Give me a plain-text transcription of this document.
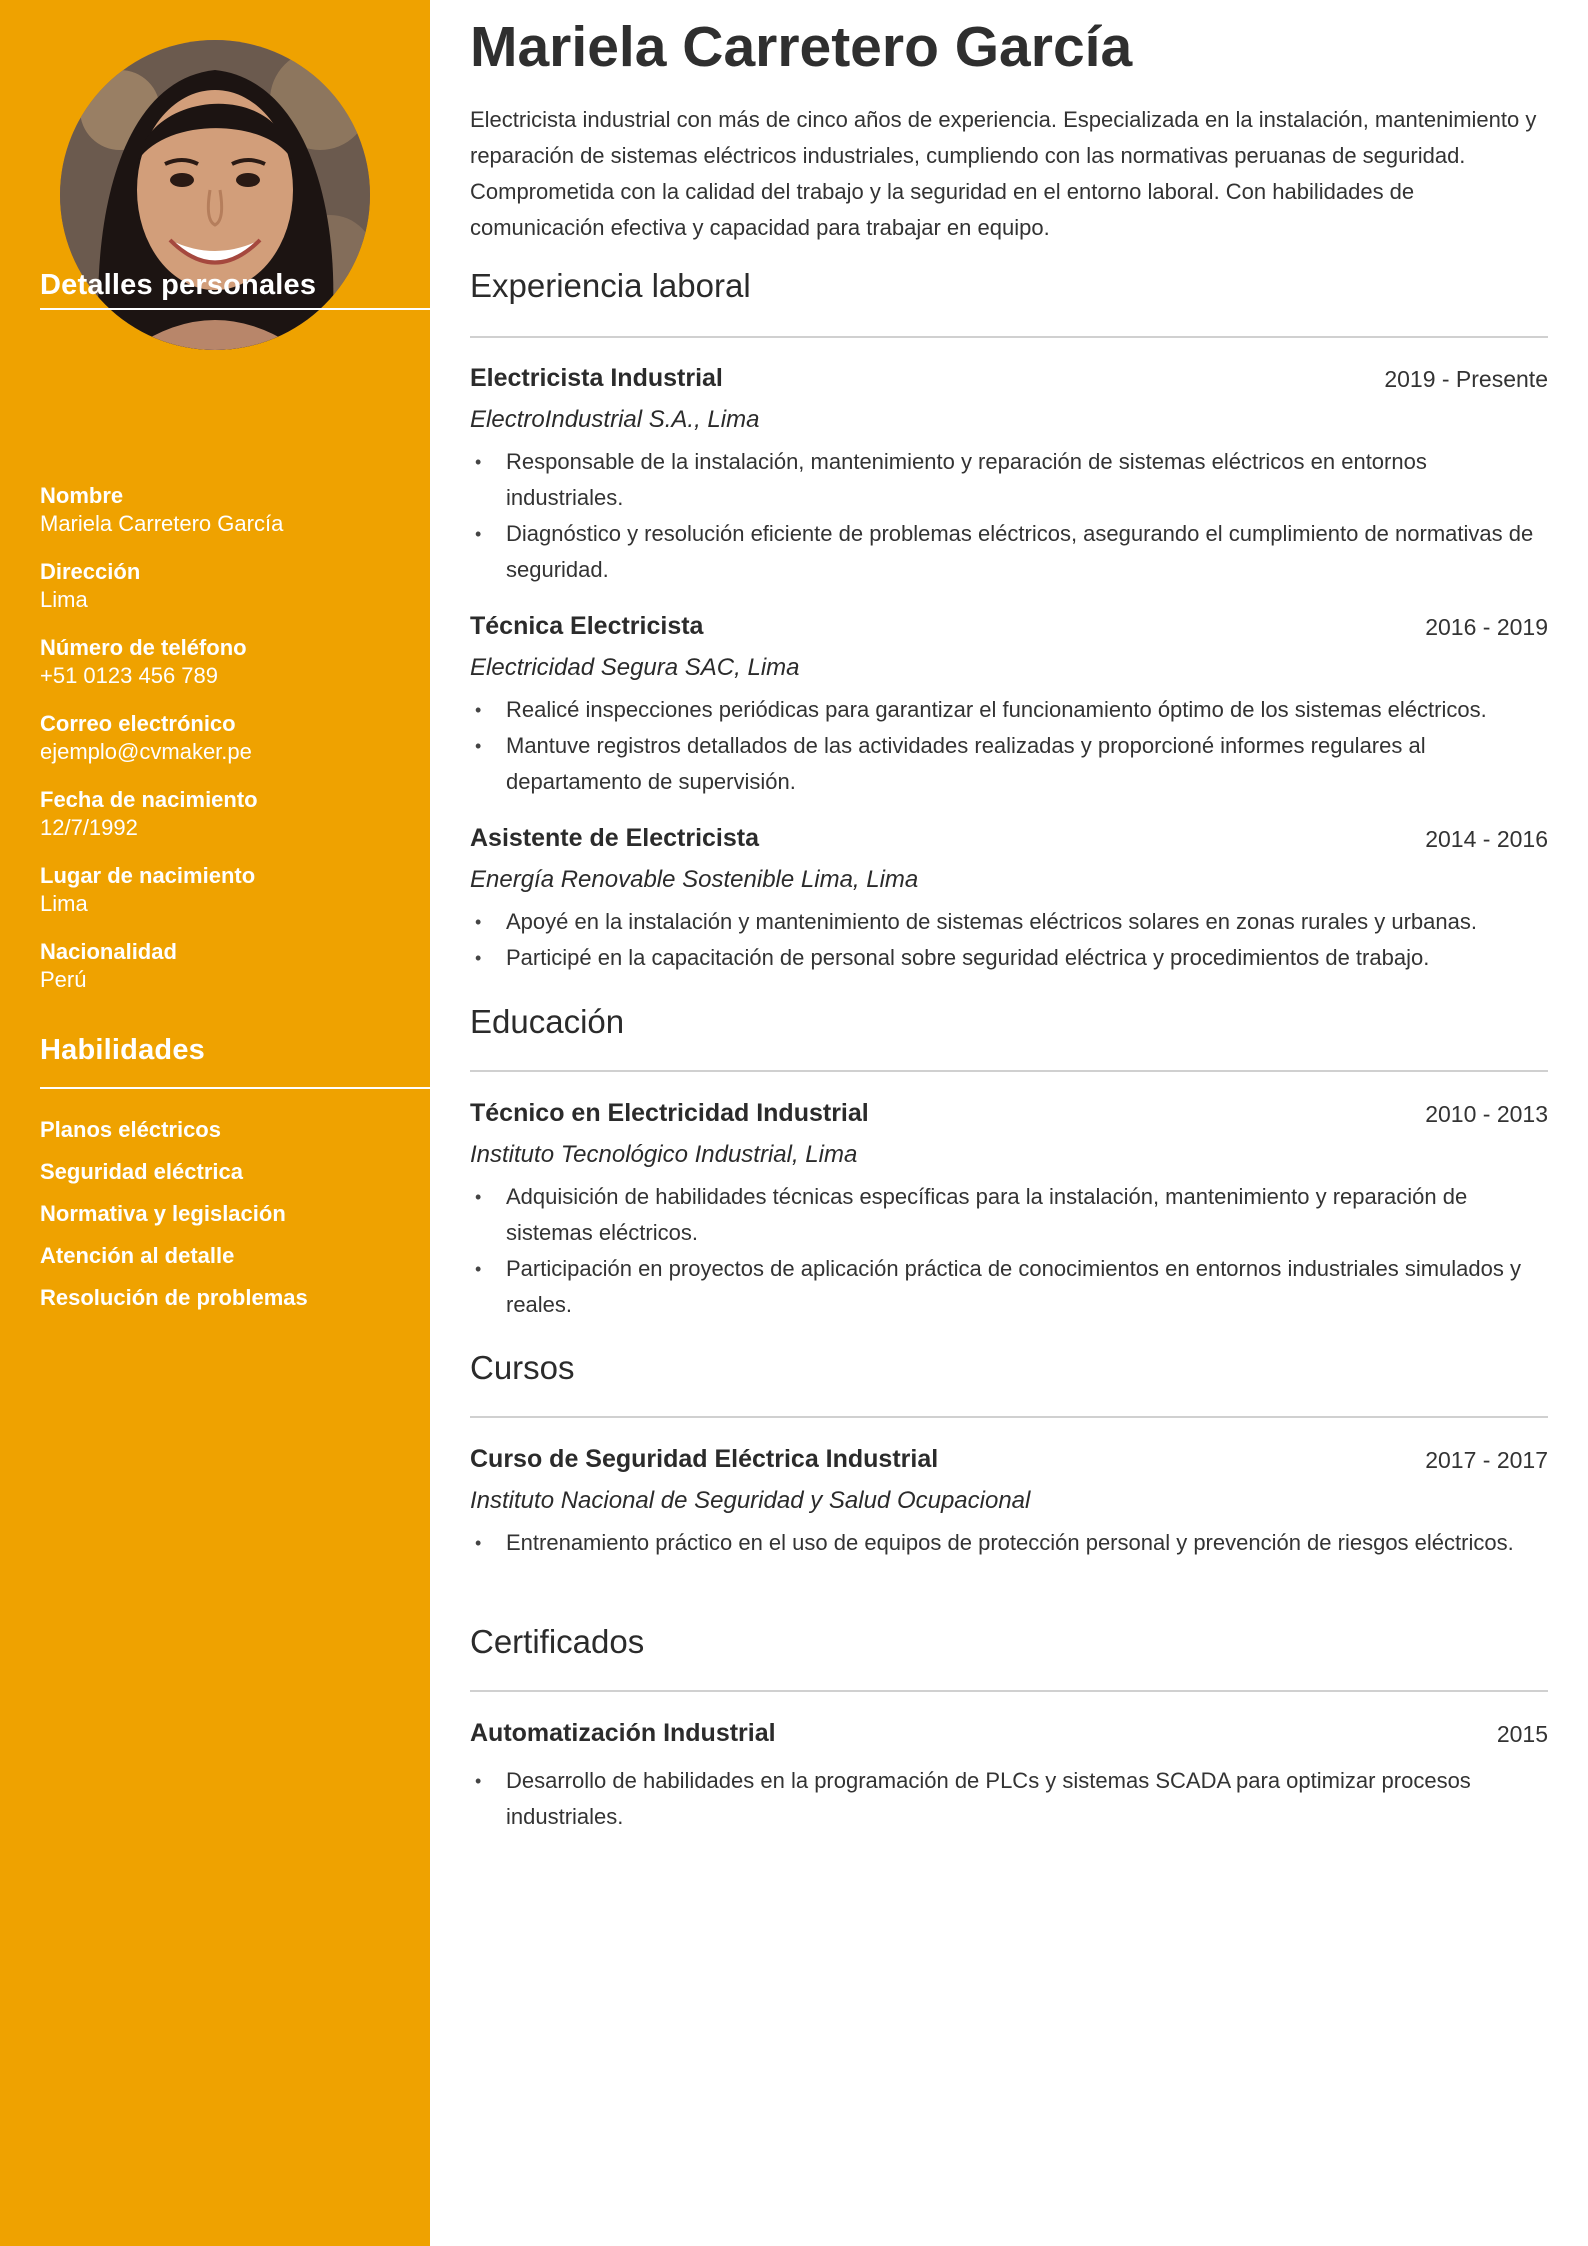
Detalles personales
Nombre
Mariela Carretero García
Dirección
Lima
Número de teléfono
+51 0123 456 789
Correo electrónico
ejemplo@cvmaker.pe
Fecha de nacimiento
12/7/1992
Lugar de nacimiento
Lima
Nacionalidad
Perú
Habilidades
Planos eléctricos
Seguridad eléctrica
Normativa y legislación
Atención al detalle
Resolución de problemas
Mariela Carretero García
Electricista industrial con más de cinco años de experiencia. Especializada en la instalación, mantenimiento y reparación de sistemas eléctricos industriales, cumpliendo con las normativas peruanas de seguridad. Comprometida con la calidad del trabajo y la seguridad en el entorno laboral. Con habilidades de comunicación efectiva y capacidad para trabajar en equipo.
Experiencia laboral
Electricista Industrial	2019 - Presente
ElectroIndustrial S.A., Lima
• Responsable de la instalación, mantenimiento y reparación de sistemas eléctricos en entornos industriales.
• Diagnóstico y resolución eficiente de problemas eléctricos, asegurando el cumplimiento de normativas de seguridad.
Técnica Electricista	2016 - 2019
Electricidad Segura SAC, Lima
• Realicé inspecciones periódicas para garantizar el funcionamiento óptimo de los sistemas eléctricos.
• Mantuve registros detallados de las actividades realizadas y proporcioné informes regulares al departamento de supervisión.
Asistente de Electricista	2014 - 2016
Energía Renovable Sostenible Lima, Lima
• Apoyé en la instalación y mantenimiento de sistemas eléctricos solares en zonas rurales y urbanas.
• Participé en la capacitación de personal sobre seguridad eléctrica y procedimientos de trabajo.
Educación
Técnico en Electricidad Industrial	2010 - 2013
Instituto Tecnológico Industrial, Lima
• Adquisición de habilidades técnicas específicas para la instalación, mantenimiento y reparación de sistemas eléctricos.
• Participación en proyectos de aplicación práctica de conocimientos en entornos industriales simulados y reales.
Cursos
Curso de Seguridad Eléctrica Industrial	2017 - 2017
Instituto Nacional de Seguridad y Salud Ocupacional
• Entrenamiento práctico en el uso de equipos de protección personal y prevención de riesgos eléctricos.
Certificados
Automatización Industrial	2015
• Desarrollo de habilidades en la programación de PLCs y sistemas SCADA para optimizar procesos industriales.
